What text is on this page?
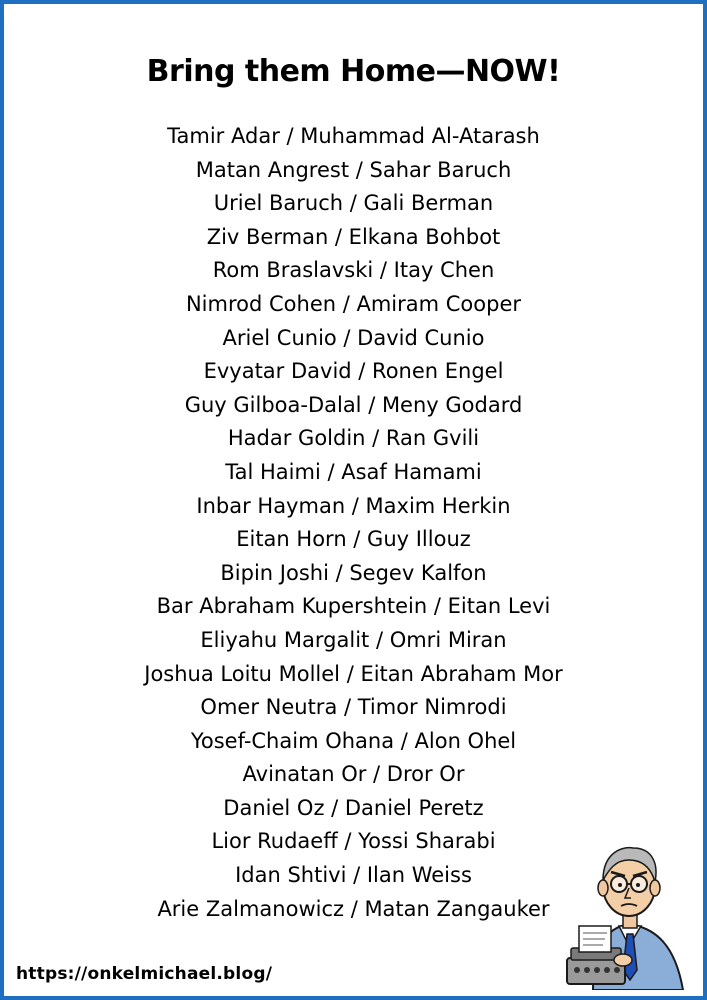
Bring them Home—NOW!
Tamir Adar / Muhammad Al-Atarash
Matan Angrest / Sahar Baruch
Uriel Baruch / Gali Berman
Ziv Berman / Elkana Bohbot
Rom Braslavski / Itay Chen
Nimrod Cohen / Amiram Cooper
Ariel Cunio / David Cunio
Evyatar David / Ronen Engel
Guy Gilboa-Dalal / Meny Godard
Hadar Goldin / Ran Gvili
Tal Haimi / Asaf Hamami
Inbar Hayman / Maxim Herkin
Eitan Horn / Guy Illouz
Bipin Joshi / Segev Kalfon
Bar Abraham Kupershtein / Eitan Levi
Eliyahu Margalit / Omri Miran
Joshua Loitu Mollel / Eitan Abraham Mor
Omer Neutra / Timor Nimrodi
Yosef-Chaim Ohana / Alon Ohel
Avinatan Or / Dror Or
Daniel Oz / Daniel Peretz
Lior Rudaeff / Yossi Sharabi
Idan Shtivi / Ilan Weiss
Arie Zalmanowicz / Matan Zangauker
https://onkelmichael.blog/
